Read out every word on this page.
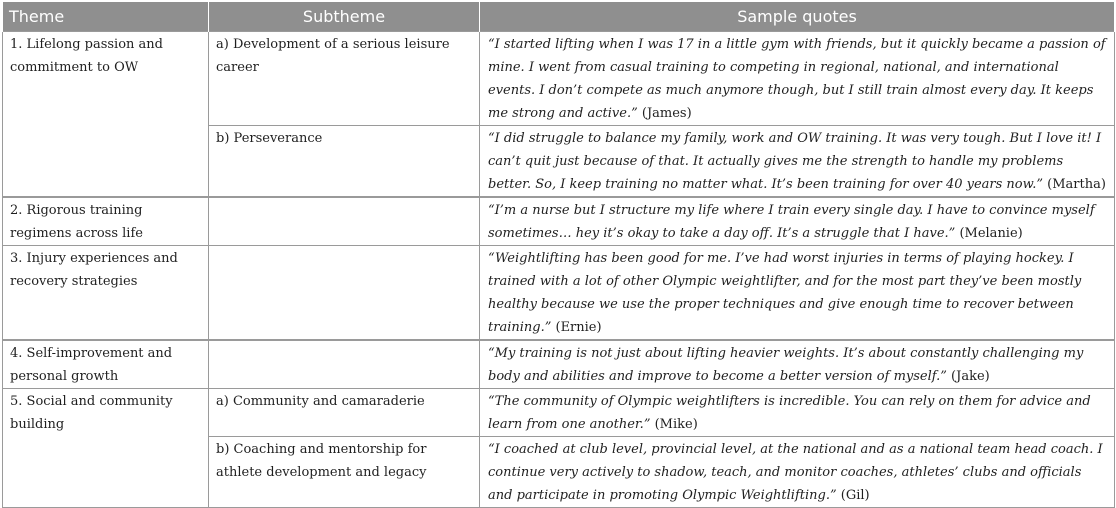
Theme	Subtheme	Sample quotes
1. Lifelong passion and commitment to OW	a) Development of a serious leisure career	“I started lifting when I was 17 in a little gym with friends, but it quickly became a passion of mine. I went from casual training to competing in regional, national, and international events. I don’t compete as much anymore though, but I still train almost every day. It keeps me strong and active.” (James)
	b) Perseverance	“I did struggle to balance my family, work and OW training. It was very tough. But I love it! I can’t quit just because of that. It actually gives me the strength to handle my problems better. So, I keep training no matter what. It’s been training for over 40 years now.” (Martha)
2. Rigorous training regimens across life		“I’m a nurse but I structure my life where I train every single day. I have to convince myself sometimes… hey it’s okay to take a day off. It’s a struggle that I have.” (Melanie)
3. Injury experiences and recovery strategies		“Weightlifting has been good for me. I’ve had worst injuries in terms of playing hockey. I trained with a lot of other Olympic weightlifter, and for the most part they’ve been mostly healthy because we use the proper techniques and give enough time to recover between training.” (Ernie)
4. Self-improvement and personal growth		“My training is not just about lifting heavier weights. It’s about constantly challenging my body and abilities and improve to become a better version of myself.” (Jake)
5. Social and community building	a) Community and camaraderie	“The community of Olympic weightlifters is incredible. You can rely on them for advice and learn from one another.” (Mike)
	b) Coaching and mentorship for athlete development and legacy	“I coached at club level, provincial level, at the national and as a national team head coach. I continue very actively to shadow, teach, and monitor coaches, athletes’ clubs and officials and participate in promoting Olympic Weightlifting.” (Gil)
